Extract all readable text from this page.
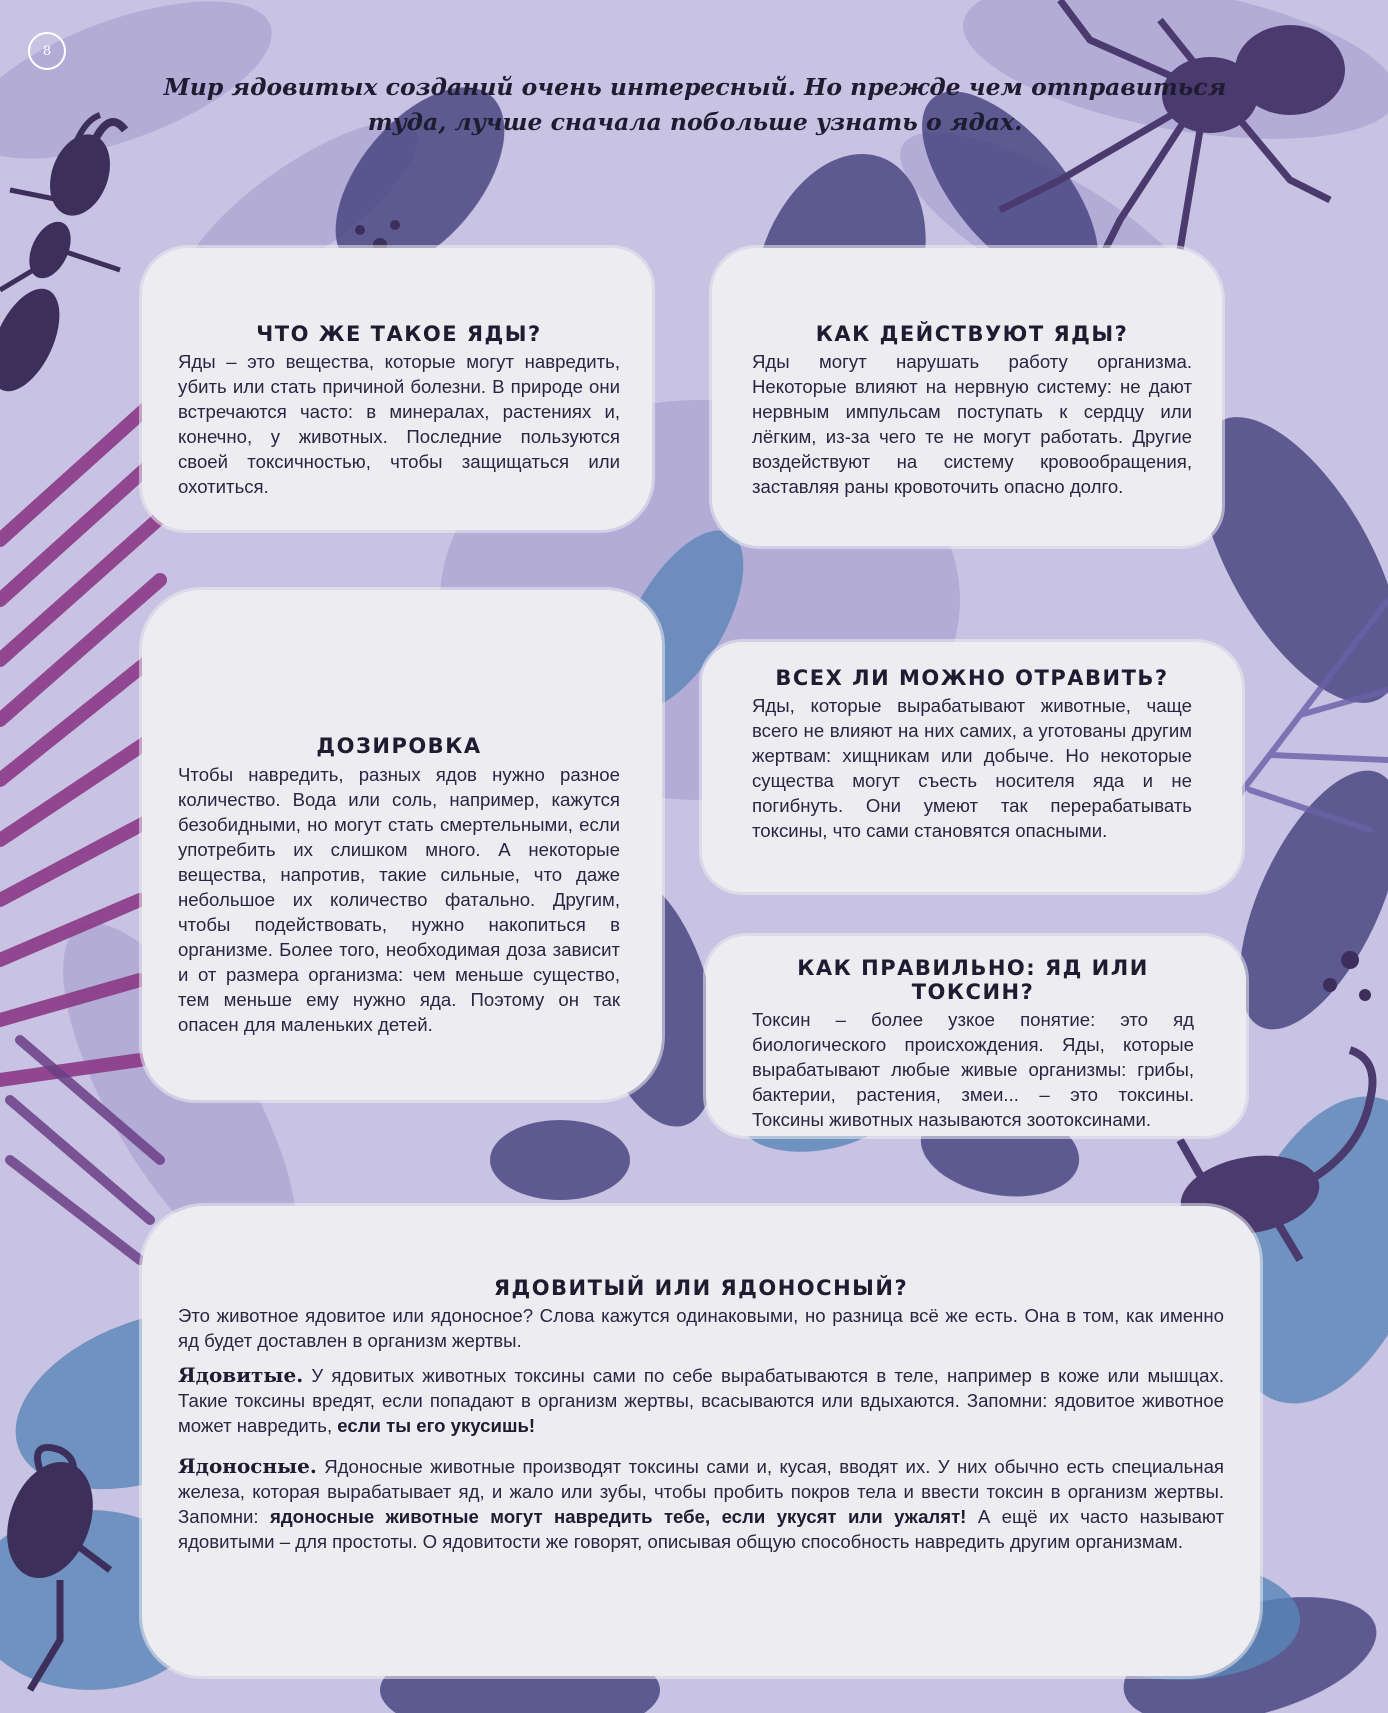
8
Мир ядовитых созданий очень интересный. Но прежде чем отправиться туда, лучше сначала побольше узнать о ядах.
ЧТО ЖЕ ТАКОЕ ЯДЫ?

Яды – это вещества, которые могут навредить, убить или стать причиной болезни. В природе они встречаются часто: в минералах, растениях и, конечно, у животных. Последние пользуются своей токсичностью, чтобы защищаться или охотиться.

КАК ДЕЙСТВУЮТ ЯДЫ?

Яды могут нарушать работу организма. Некоторые влияют на нервную систему: не дают нервным импульсам поступать к сердцу или лёгким, из-за чего те не могут работать. Другие воздействуют на систему кровообращения, заставляя раны кровоточить опасно долго.

ДОЗИРОВКА

Чтобы навредить, разных ядов нужно разное количество. Вода или соль, например, кажутся безобидными, но могут стать смертельными, если употребить их слишком много. А некоторые вещества, напротив, такие сильные, что даже небольшое их количество фатально. Другим, чтобы подействовать, нужно накопиться в организме. Более того, необходимая доза зависит и от размера организма: чем меньше существо, тем меньше ему нужно яда. Поэтому он так опасен для маленьких детей.

ВСЕХ ЛИ МОЖНО ОТРАВИТЬ?

Яды, которые вырабатывают животные, чаще всего не влияют на них самих, а уготованы другим жертвам: хищникам или добыче. Но некоторые существа могут съесть носителя яда и не погибнуть. Они умеют так перерабатывать токсины, что сами становятся опасными.

КАК ПРАВИЛЬНО: ЯД ИЛИ ТОКСИН?

Токсин – более узкое понятие: это яд биологического происхождения. Яды, которые вырабатывают любые живые организмы: грибы, бактерии, растения, змеи... – это токсины. Токсины животных называются зоотоксинами.

ЯДОВИТЫЙ ИЛИ ЯДОНОСНЫЙ?

Это животное ядовитое или ядоносное? Слова кажутся одинаковыми, но разница всё же есть. Она в том, как именно яд будет доставлен в организм жертвы.

Ядовитые. У ядовитых животных токсины сами по себе вырабатываются в теле, например в коже или мышцах. Такие токсины вредят, если попадают в организм жертвы, всасываются или вдыхаются. Запомни: ядовитое животное может навредить, если ты его укусишь!

Ядоносные. Ядоносные животные производят токсины сами и, кусая, вводят их. У них обычно есть специальная железа, которая вырабатывает яд, и жало или зубы, чтобы пробить покров тела и ввести токсин в организм жертвы. Запомни: ядоносные животные могут навредить тебе, если укусят или ужалят! А ещё их часто называют ядовитыми – для простоты. О ядовитости же говорят, описывая общую способность навредить другим организмам.
